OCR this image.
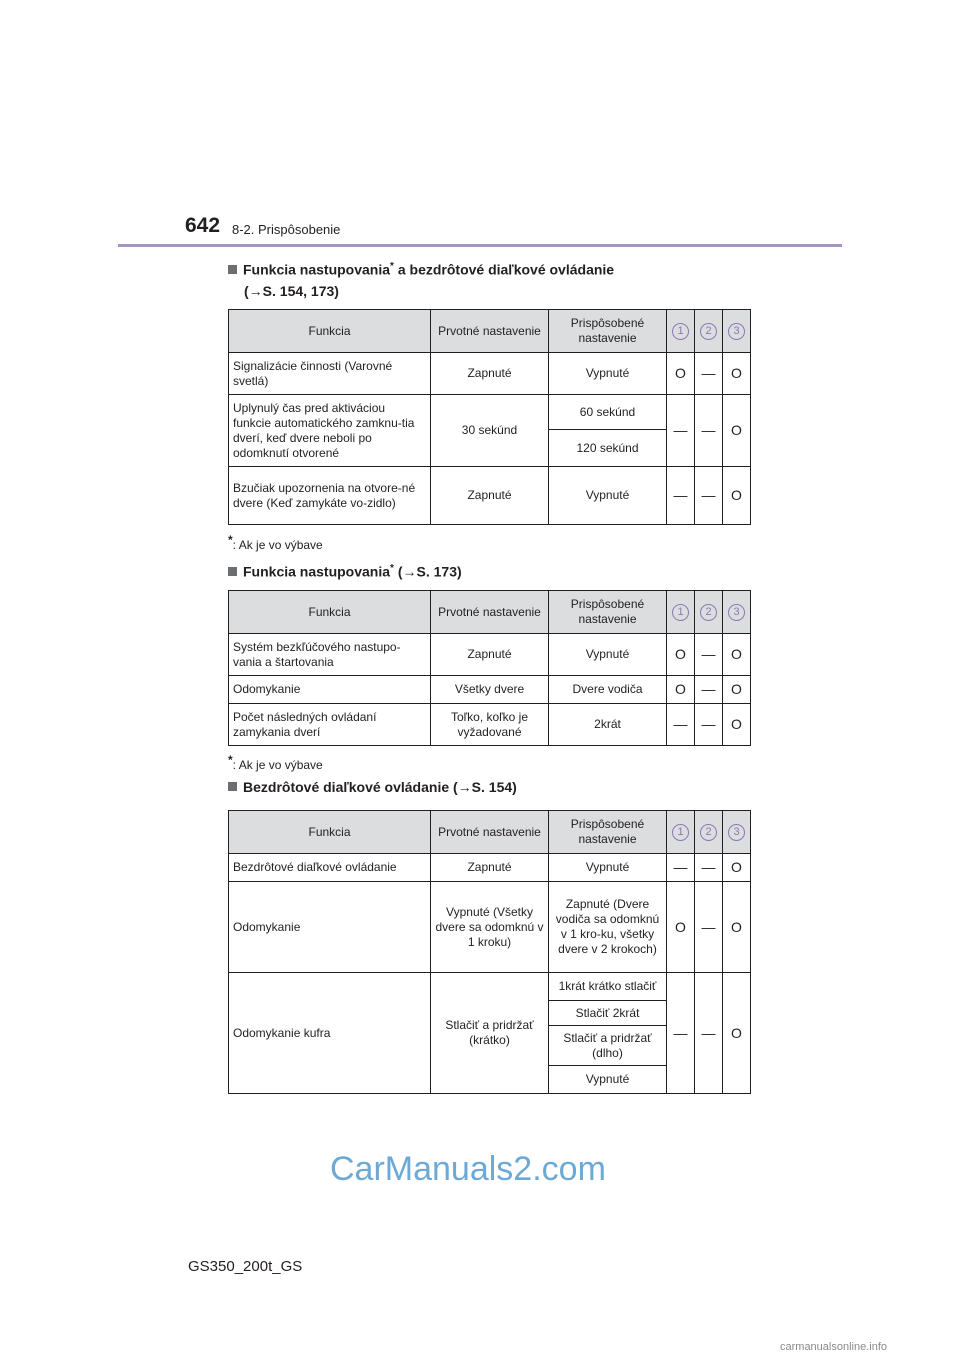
642 8-2. Prispôsobenie
Funkcia nastupovania* a bezdrôtové diaľkové ovládanie
(→S. 154, 173)
Funkcia	Prvotné nastavenie	Prispôsobené nastavenie	1	2	3
Signalizácie činnosti (Varovné svetlá)	Zapnuté	Vypnuté	O	—	O
Uplynulý čas pred aktiváciou funkcie automatického zamknu-tia dverí, keď dvere neboli po odomknutí otvorené	30 sekúnd	60 sekúnd	—	—	O
		120 sekúnd			
Bzučiak upozornenia na otvore-né dvere (Keď zamykáte vo-zidlo)	Zapnuté	Vypnuté	—	—	O
*: Ak je vo výbave
Funkcia nastupovania* (→S. 173)
Funkcia	Prvotné nastavenie	Prispôsobené nastavenie	1	2	3
Systém bezkľúčového nastupo-vania a štartovania	Zapnuté	Vypnuté	O	—	O
Odomykanie	Všetky dvere	Dvere vodiča	O	—	O
Počet následných ovládaní zamykania dverí	Toľko, koľko je vyžadované	2krát	—	—	O
*: Ak je vo výbave
Bezdrôtové diaľkové ovládanie (→S. 154)
Funkcia	Prvotné nastavenie	Prispôsobené nastavenie	1	2	3
Bezdrôtové diaľkové ovládanie	Zapnuté	Vypnuté	—	—	O
Odomykanie	Vypnuté (Všetky dvere sa odomknú v 1 kroku)	Zapnuté (Dvere vodiča sa odomknú v 1 kro-ku, všetky dvere v 2 krokoch)	O	—	O
Odomykanie kufra	Stlačiť a pridržať (krátko)	1krát krátko stlačiť	—	—	O
		Stlačiť 2krát			
		Stlačiť a pridržať (dlho)			
		Vypnuté			
CarManuals2.com
GS350_200t_GS
carmanualsonline.info
